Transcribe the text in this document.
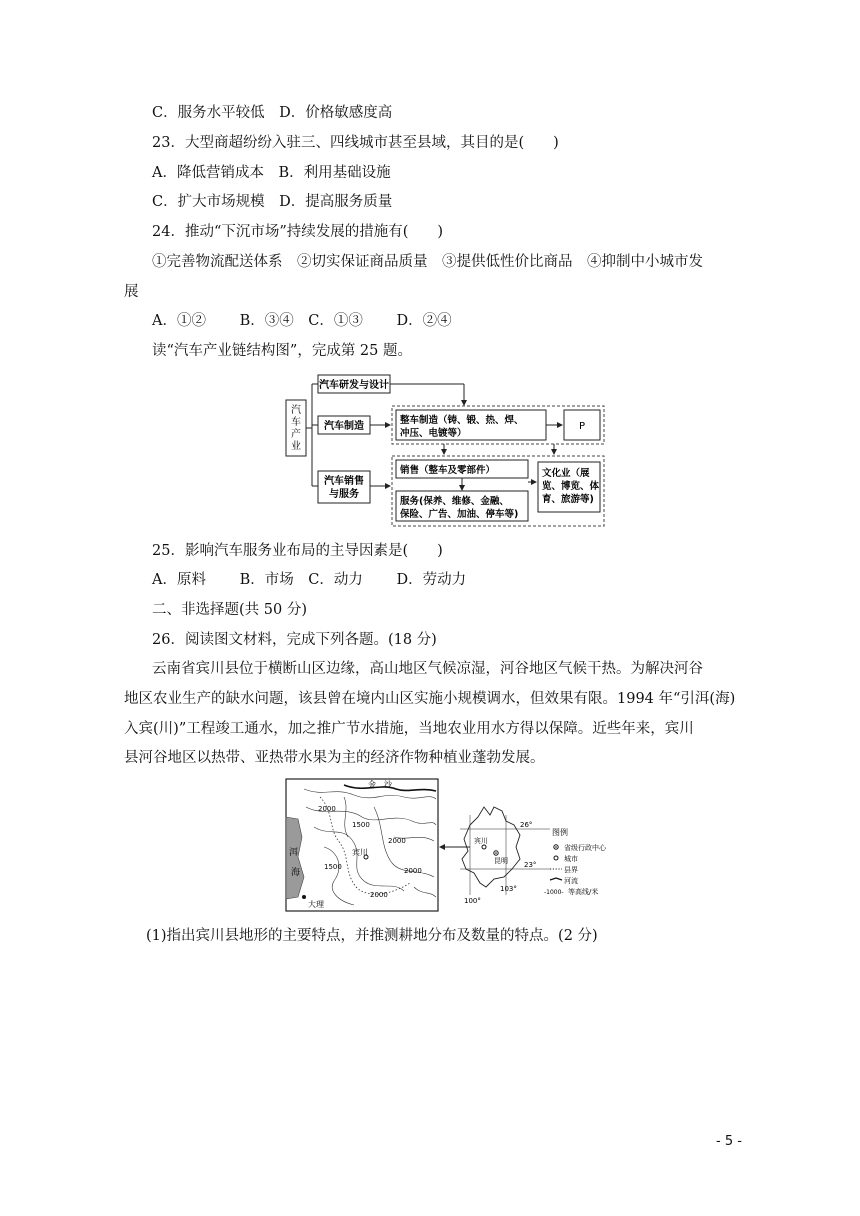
C．服务水平较低　D．价格敏感度高
23．大型商超纷纷入驻三、四线城市甚至县域，其目的是(　　)
A．降低营销成本　B．利用基础设施
C．扩大市场规模　D．提高服务质量
24．推动“下沉市场”持续发展的措施有(　　)
①完善物流配送体系　②切实保证商品质量　③提供低性价比商品　④抑制中小城市发
展
A．①②　　 B．③④　C．①③　　 D．②④
读“汽车产业链结构图”，完成第 25 题。
汽
车
产
业
汽车研发与设计
汽车制造
汽车销售
与服务
整车制造（铸、锻、热、焊、
冲压、电镀等）
P
销售（整车及零部件）
服务(保养、维修、金融、
保险、广告、加油、停车等)
文化业（展
览、博览、体
育、旅游等)
25．影响汽车服务业布局的主导因素是(　　)
A．原料　　 B．市场　C．动力　　 D．劳动力
二、非选择题(共 50 分)
26．阅读图文材料，完成下列各题。(18 分)
云南省宾川县位于横断山区边缘，高山地区气候凉湿，河谷地区气候干热。为解决河谷
地区农业生产的缺水问题，该县曾在境内山区实施小规模调水，但效果有限。1994 年“引洱(海)
入宾(川)”工程竣工通水，加之推广节水措施，当地农业用水方得以保障。近些年来，宾川
县河谷地区以热带、亚热带水果为主的经济作物种植业蓬勃发展。
洱
海
金　沙
2000
1500
2000
1500	2000
2000
宾川
大理
26°
23°
100°
103°
宾川
昆明
图例
省级行政中心
城市
县界
河流
-1000- 等高线/米
(1)指出宾川县地形的主要特点，并推测耕地分布及数量的特点。(2 分)
- 5 -
